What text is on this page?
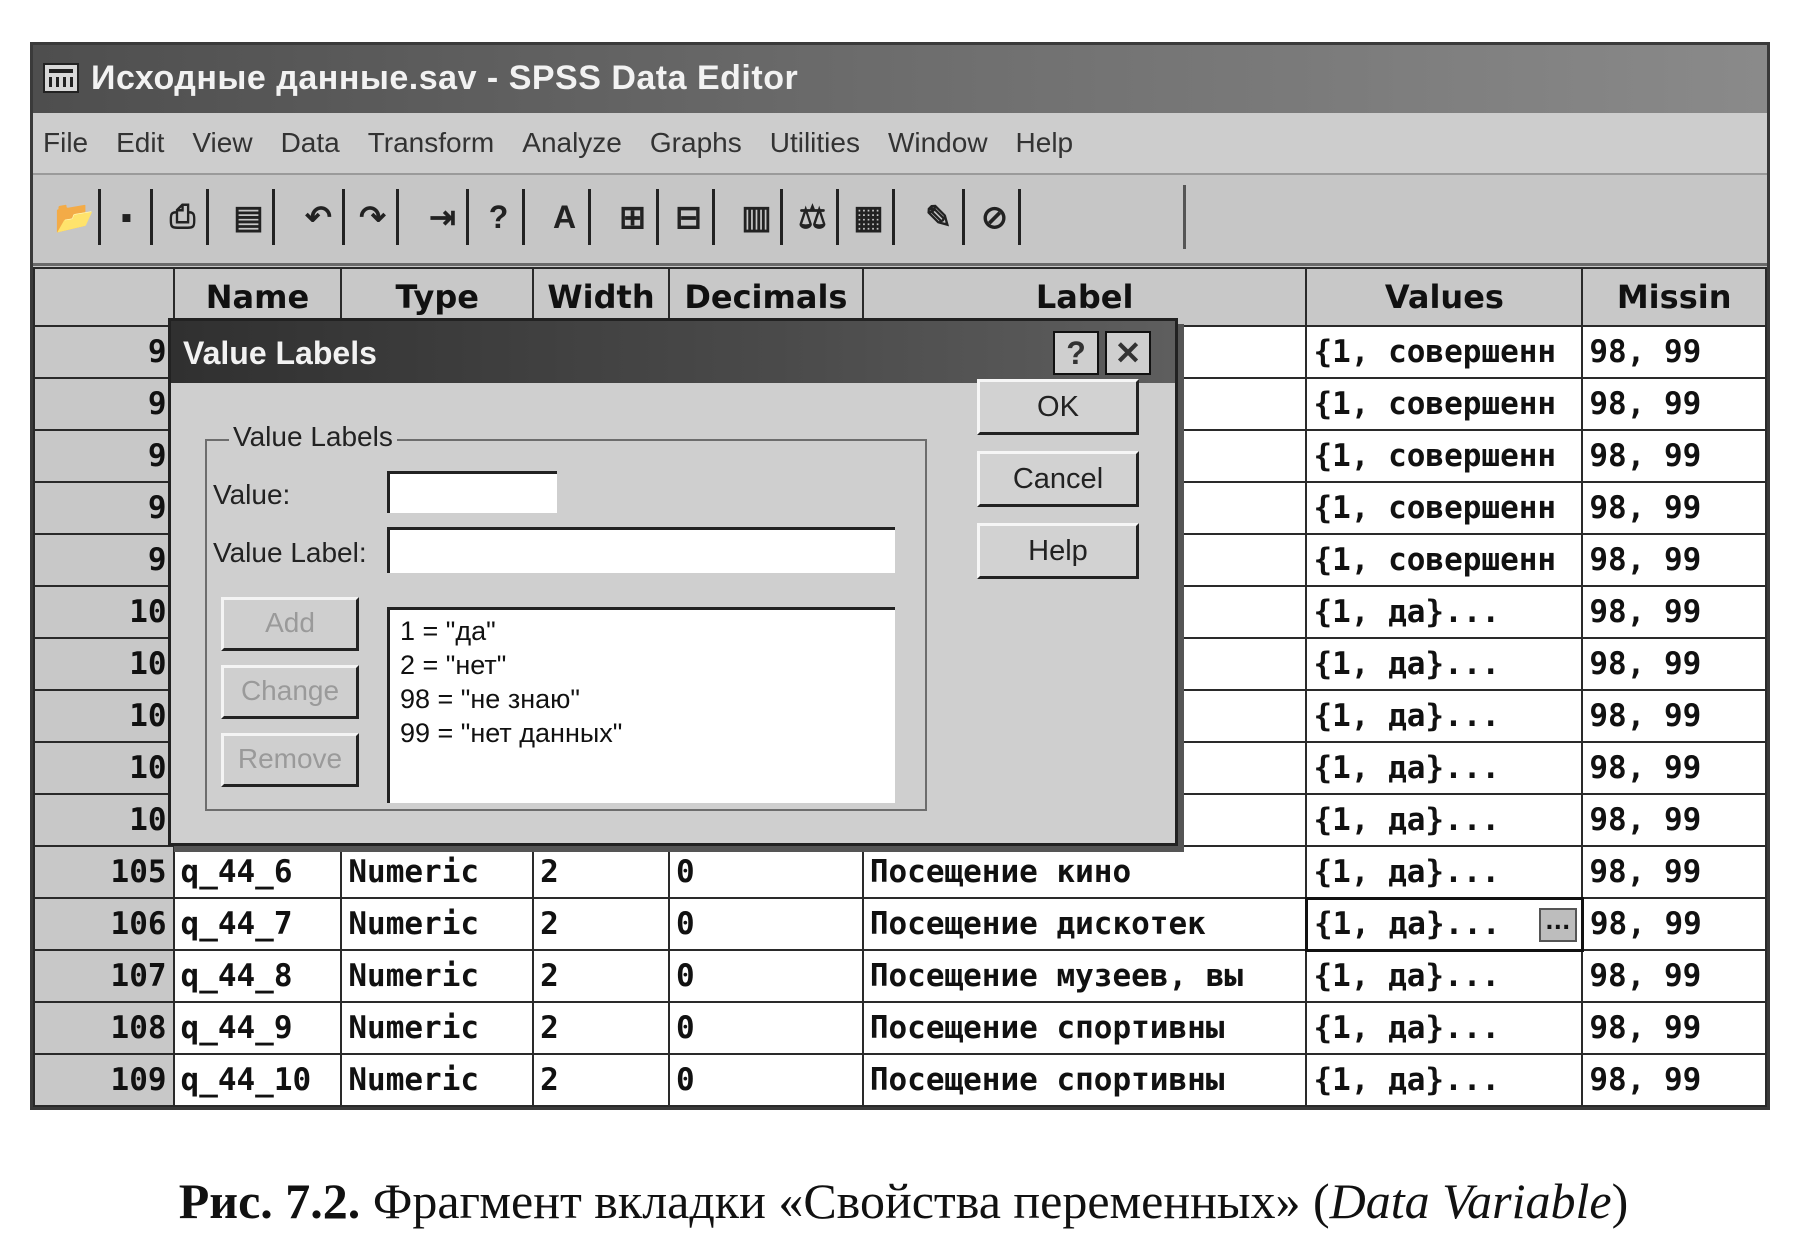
Исходные данные.sav - SPSS Data Editor
File Edit View Data Transform Analyze Graphs Utilities Window Help
📂 ▪	⎙	▤	↶ ↷	⇥	?	A	⊞ ⊟	▥ ⚖ ▦	✎ ⊘
	Name	Type	Width	Decimals	Label	Values	Missin
9						{1, совершенн	98, 99
9						{1, совершенн	98, 99
9						{1, совершенн	98, 99
9						{1, совершенн	98, 99
9						{1, совершенн	98, 99
10						{1, да}...	98, 99
10						{1, да}...	98, 99
10						{1, да}...	98, 99
10						{1, да}...	98, 99
10						{1, да}...	98, 99
105	q_44_6	Numeric	2	0	Посещение кино	{1, да}...	98, 99
106	q_44_7	Numeric	2	0	Посещение дискотек	{1, да}... ...	98, 99
107	q_44_8	Numeric	2	0	Посещение музеев, вы	{1, да}...	98, 99
108	q_44_9	Numeric	2	0	Посещение спортивны	{1, да}...	98, 99
109	q_44_10	Numeric	2	0	Посещение спортивны	{1, да}...	98, 99
Value Labels	? ✕
Value Labels
Value:
Value Label:
Add
Change
Remove
1 = "да"
2 = "нет"
98 = "не знаю"
99 = "нет данных"
OK
Cancel
Help
Рис. 7.2. Фрагмент вкладки «Свойства переменных» (Data Variable)
